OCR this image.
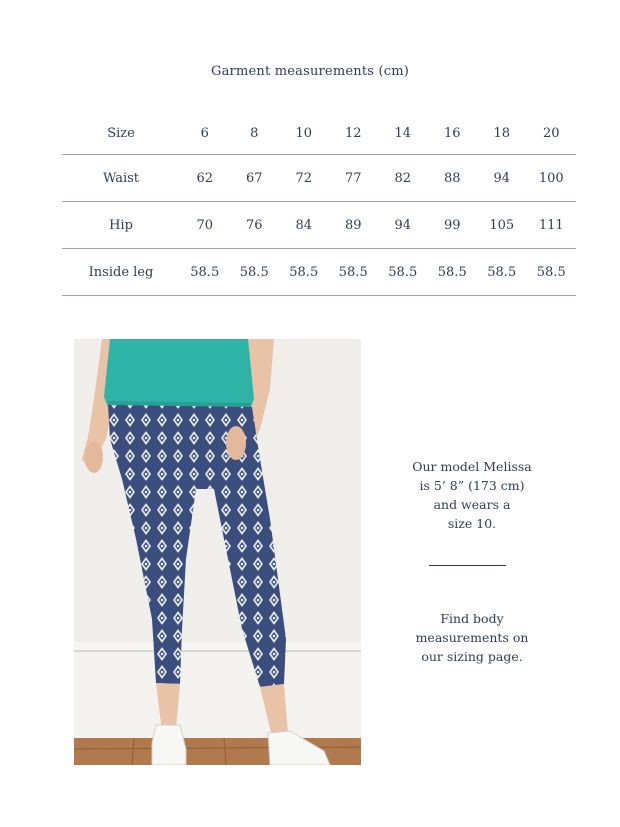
Garment measurements (cm)
Size	6	8	10	12	14	16	18	20
Waist	62	67	72	77	82	88	94	100
Hip	70	76	84	89	94	99	105	111
Inside leg	58.5	58.5	58.5	58.5	58.5	58.5	58.5	58.5
Our model Melissa
is 5’ 8” (173 cm)
and wears a
size 10.
Find body
measurements on
our sizing page.
